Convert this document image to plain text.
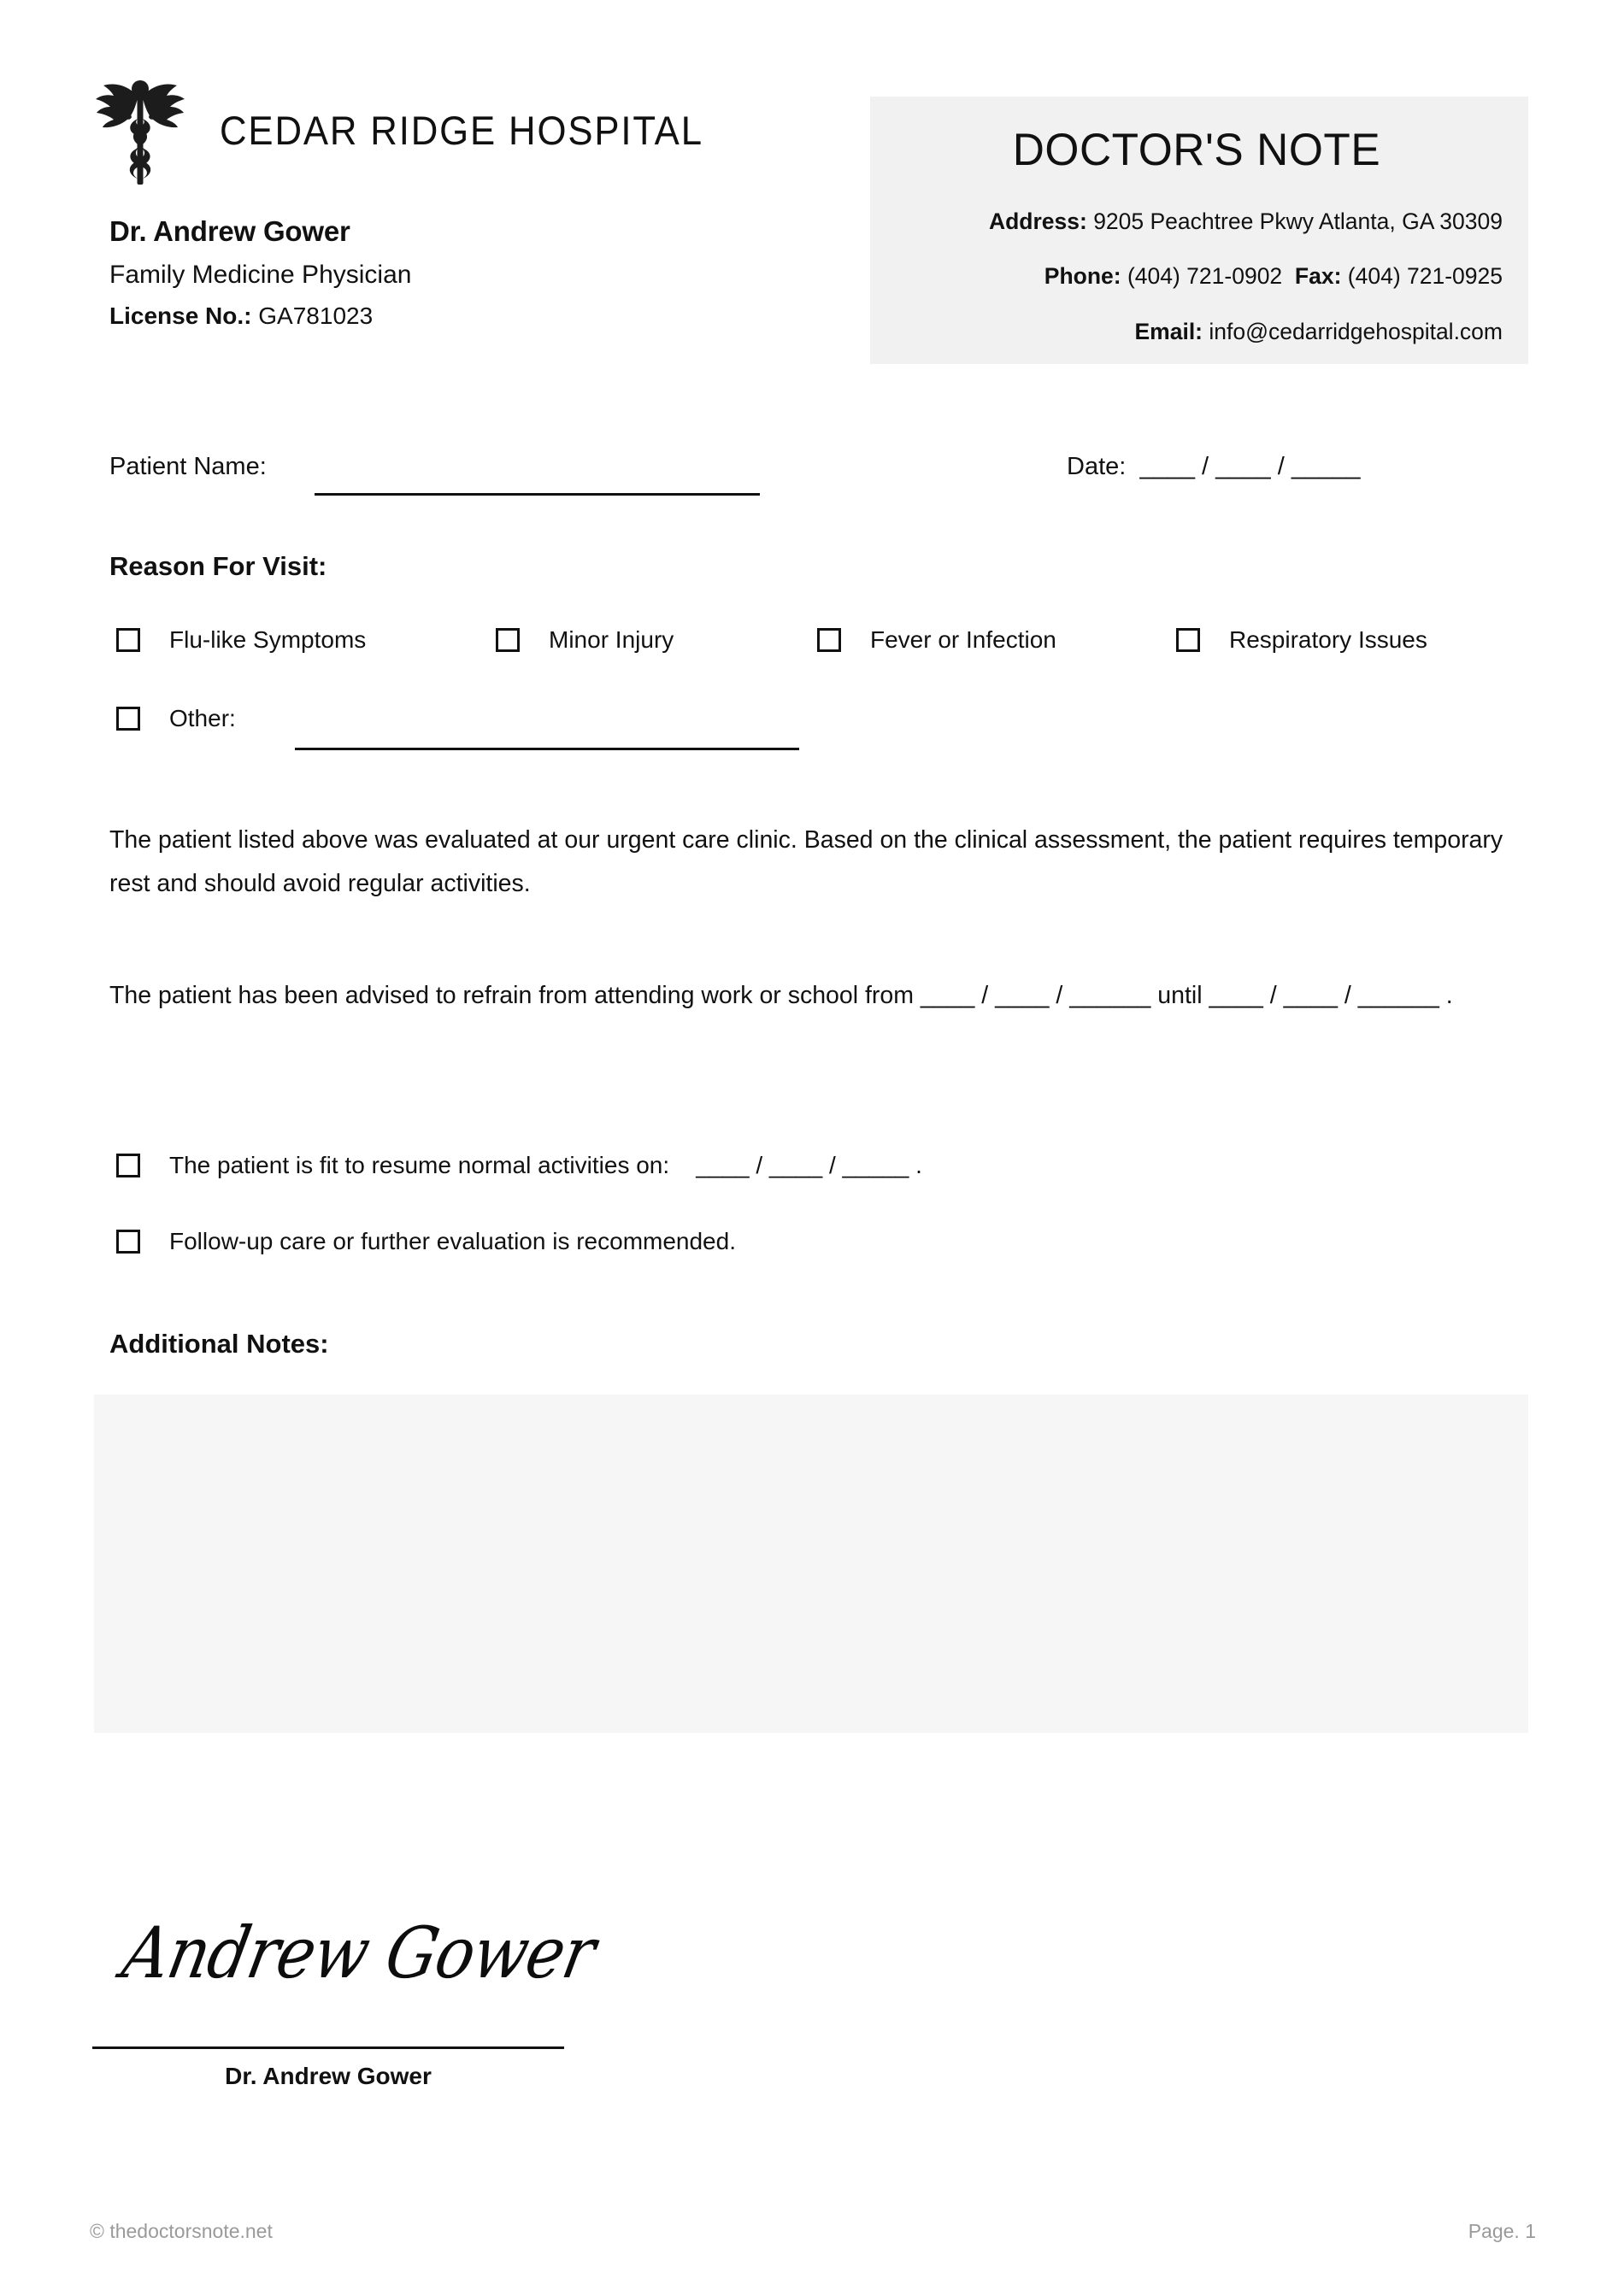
CEDAR RIDGE HOSPITAL
Dr. Andrew Gower
Family Medicine Physician
License No.: GA781023
DOCTOR'S NOTE
Address: 9205 Peachtree Pkwy Atlanta, GA 30309
Phone: (404) 721-0902 Fax: (404) 721-0925
Email: info@cedarridgehospital.com
Patient Name:	Date: ____ / ____ / _____
Reason For Visit:
Flu-like Symptoms	Minor Injury	Fever or Infection	Respiratory Issues
Other:
The patient listed above was evaluated at our urgent care clinic. Based on the clinical assessment, the patient requires temporary rest and should avoid regular activities.
The patient has been advised to refrain from attending work or school from ____ / ____ / ______ until ____ / ____ / ______ .
The patient is fit to resume normal activities on:    ____ / ____ / _____ .
Follow-up care or further evaluation is recommended.
Additional Notes:
Andrew Gower
Dr. Andrew Gower
© thedoctorsnote.net	Page. 1
